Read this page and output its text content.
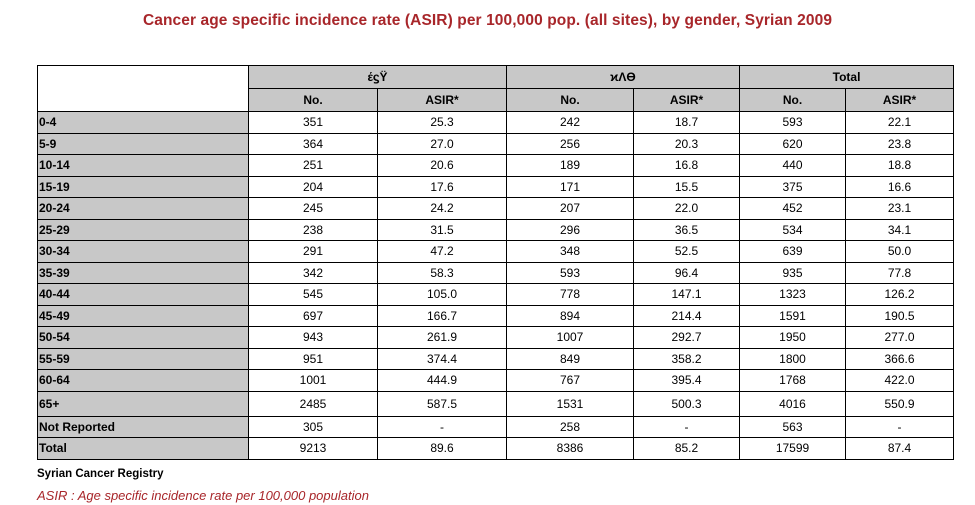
Cancer age specific incidence rate (ASIR) per 100,000 pop. (all sites), by gender, Syrian 2009
	έϛΫ		ϰΛϴ		Total	
	No.	ASIR*	No.	ASIR*	No.	ASIR*
0-4	351	25.3	242	18.7	593	22.1
5-9	364	27.0	256	20.3	620	23.8
10-14	251	20.6	189	16.8	440	18.8
15-19	204	17.6	171	15.5	375	16.6
20-24	245	24.2	207	22.0	452	23.1
25-29	238	31.5	296	36.5	534	34.1
30-34	291	47.2	348	52.5	639	50.0
35-39	342	58.3	593	96.4	935	77.8
40-44	545	105.0	778	147.1	1323	126.2
45-49	697	166.7	894	214.4	1591	190.5
50-54	943	261.9	1007	292.7	1950	277.0
55-59	951	374.4	849	358.2	1800	366.6
60-64	1001	444.9	767	395.4	1768	422.0
65+	2485	587.5	1531	500.3	4016	550.9
Not Reported	305	-	258	-	563	-
Total	9213	89.6	8386	85.2	17599	87.4
Syrian Cancer Registry
ASIR : Age specific incidence rate per 100,000 population
